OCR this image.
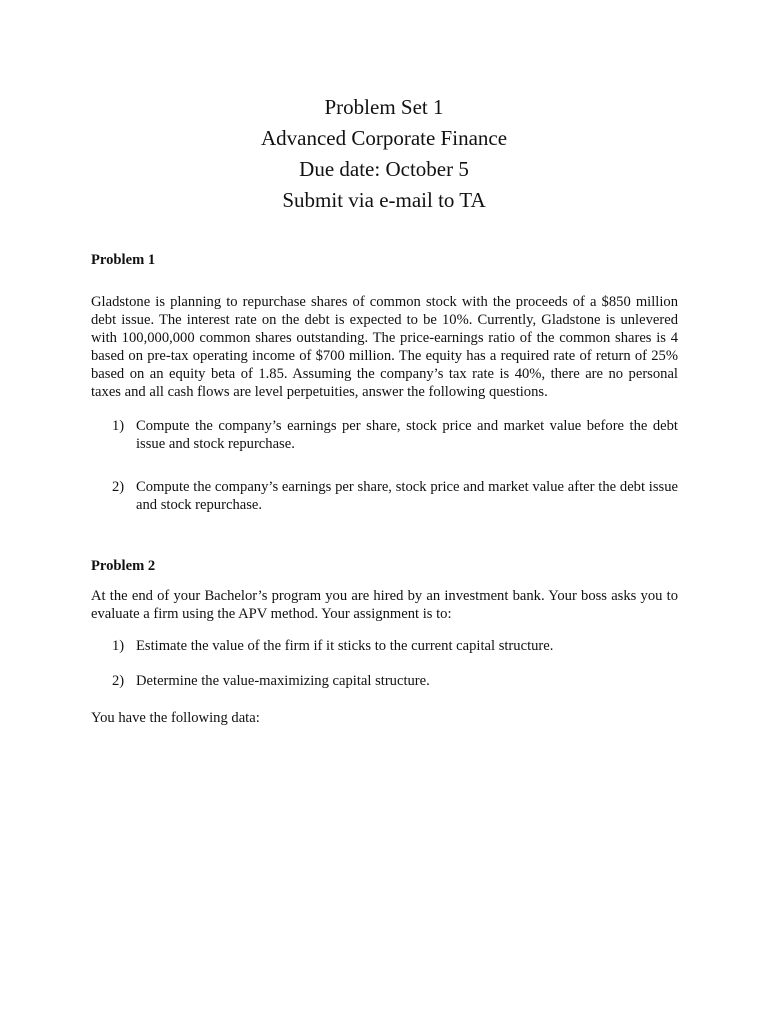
Problem Set 1

Advanced Corporate Finance

Due date: October 5

Submit via e-mail to TA

Problem 1

Gladstone is planning to repurchase shares of common stock with the proceeds of a $850 million debt issue. The interest rate on the debt is expected to be 10%. Currently, Gladstone is unlevered with 100,000,000 common shares outstanding. The price-earnings ratio of the common shares is 4 based on pre-tax operating income of $700 million. The equity has a required rate of return of 25% based on an equity beta of 1.85. Assuming the company’s tax rate is 40%, there are no personal taxes and all cash flows are level perpetuities, answer the following questions.

1) Compute the company’s earnings per share, stock price and market value before the debt issue and stock repurchase.
2) Compute the company’s earnings per share, stock price and market value after the debt issue and stock repurchase.

Problem 2

At the end of your Bachelor’s program you are hired by an investment bank. Your boss asks you to evaluate a firm using the APV method. Your assignment is to:

1) Estimate the value of the firm if it sticks to the current capital structure.
2) Determine the value-maximizing capital structure.

You have the following data:
